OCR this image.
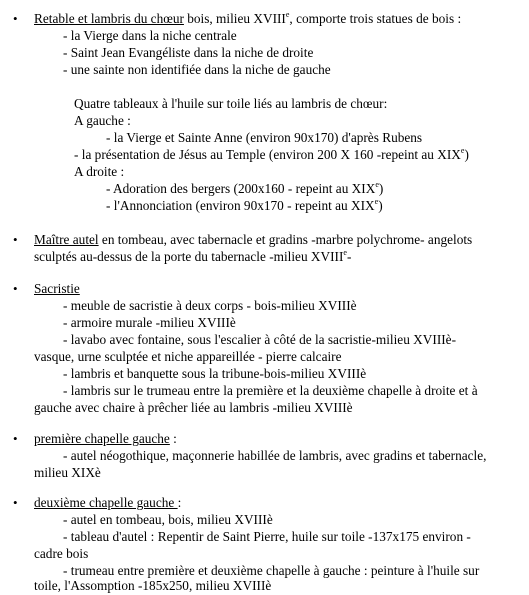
• Retable et lambris du chœur bois, milieu XVIIIe, comporte trois statues de bois :
- la Vierge dans la niche centrale
- Saint Jean Evangéliste dans la niche de droite
- une sainte non identifiée dans la niche de gauche
Quatre tableaux à l'huile sur toile liés au lambris de chœur:
A gauche :
- la Vierge et Sainte Anne (environ 90x170) d'après Rubens
- la présentation de Jésus au Temple (environ 200 X 160 -repeint au XIXe)
A droite :
- Adoration des bergers (200x160 - repeint au XIXe)
- l'Annonciation (environ 90x170 - repeint au XIXe)
• Maître autel en tombeau, avec tabernacle et gradins -marbre polychrome- angelots
sculptés au-dessus de la porte du tabernacle -milieu XVIIIe-
• Sacristie
- meuble de sacristie à deux corps - bois-milieu XVIIIè
- armoire murale -milieu XVIIIè
- lavabo avec fontaine, sous l'escalier à côté de la sacristie-milieu XVIIIè-
vasque, urne sculptée et niche appareillée - pierre calcaire
- lambris et banquette sous la tribune-bois-milieu XVIIIè
- lambris sur le trumeau entre la première et la deuxième chapelle à droite et à
gauche avec chaire à prêcher liée au lambris -milieu XVIIIè
• première chapelle gauche :
- autel néogothique, maçonnerie habillée de lambris, avec gradins et tabernacle,
milieu XIXè
• deuxième chapelle gauche :
- autel en tombeau, bois, milieu XVIIIè
- tableau d'autel : Repentir de Saint Pierre, huile sur toile -137x175 environ -
cadre bois
- trumeau entre première et deuxième chapelle à gauche : peinture à l'huile sur
toile, l'Assomption -185x250, milieu XVIIIè
